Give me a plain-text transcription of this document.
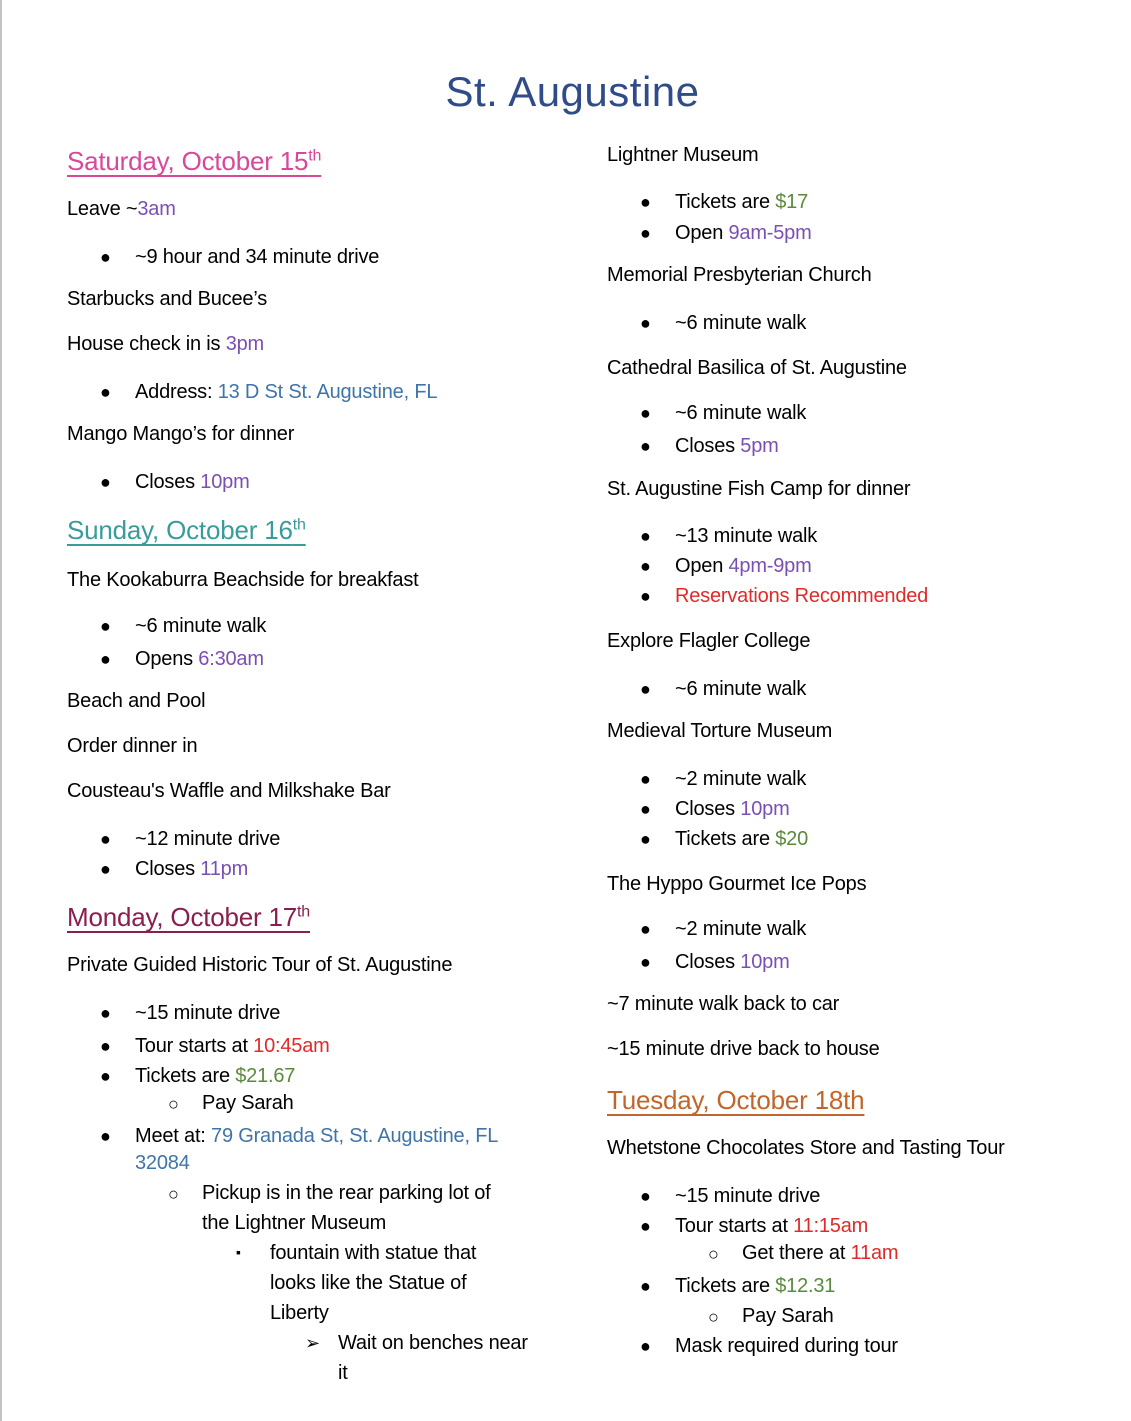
St. Augustine
Saturday, October 15th
Leave ~3am
● ~9 hour and 34 minute drive
Starbucks and Bucee’s
House check in is 3pm
● Address: 13 D St St. Augustine, FL
Mango Mango’s for dinner
● Closes 10pm
Sunday, October 16th
The Kookaburra Beachside for breakfast
● ~6 minute walk
● Opens 6:30am
Beach and Pool
Order dinner in
Cousteau's Waffle and Milkshake Bar
● ~12 minute drive
● Closes 11pm
Monday, October 17th
Private Guided Historic Tour of St. Augustine
● ~15 minute drive
● Tour starts at 10:45am
● Tickets are $21.67
○ Pay Sarah
● Meet at: 79 Granada St, St. Augustine, FL
32084
○ Pickup is in the rear parking lot of
the Lightner Museum
▪ fountain with statue that
looks like the Statue of
Liberty
➢ Wait on benches near
it
Lightner Museum
● Tickets are $17
● Open 9am-5pm
Memorial Presbyterian Church
● ~6 minute walk
Cathedral Basilica of St. Augustine
● ~6 minute walk
● Closes 5pm
St. Augustine Fish Camp for dinner
● ~13 minute walk
● Open 4pm-9pm
● Reservations Recommended
Explore Flagler College
● ~6 minute walk
Medieval Torture Museum
● ~2 minute walk
● Closes 10pm
● Tickets are $20
The Hyppo Gourmet Ice Pops
● ~2 minute walk
● Closes 10pm
~7 minute walk back to car
~15 minute drive back to house
Tuesday, October 18th
Whetstone Chocolates Store and Tasting Tour
● ~15 minute drive
● Tour starts at 11:15am
○ Get there at 11am
● Tickets are $12.31
○ Pay Sarah
● Mask required during tour
